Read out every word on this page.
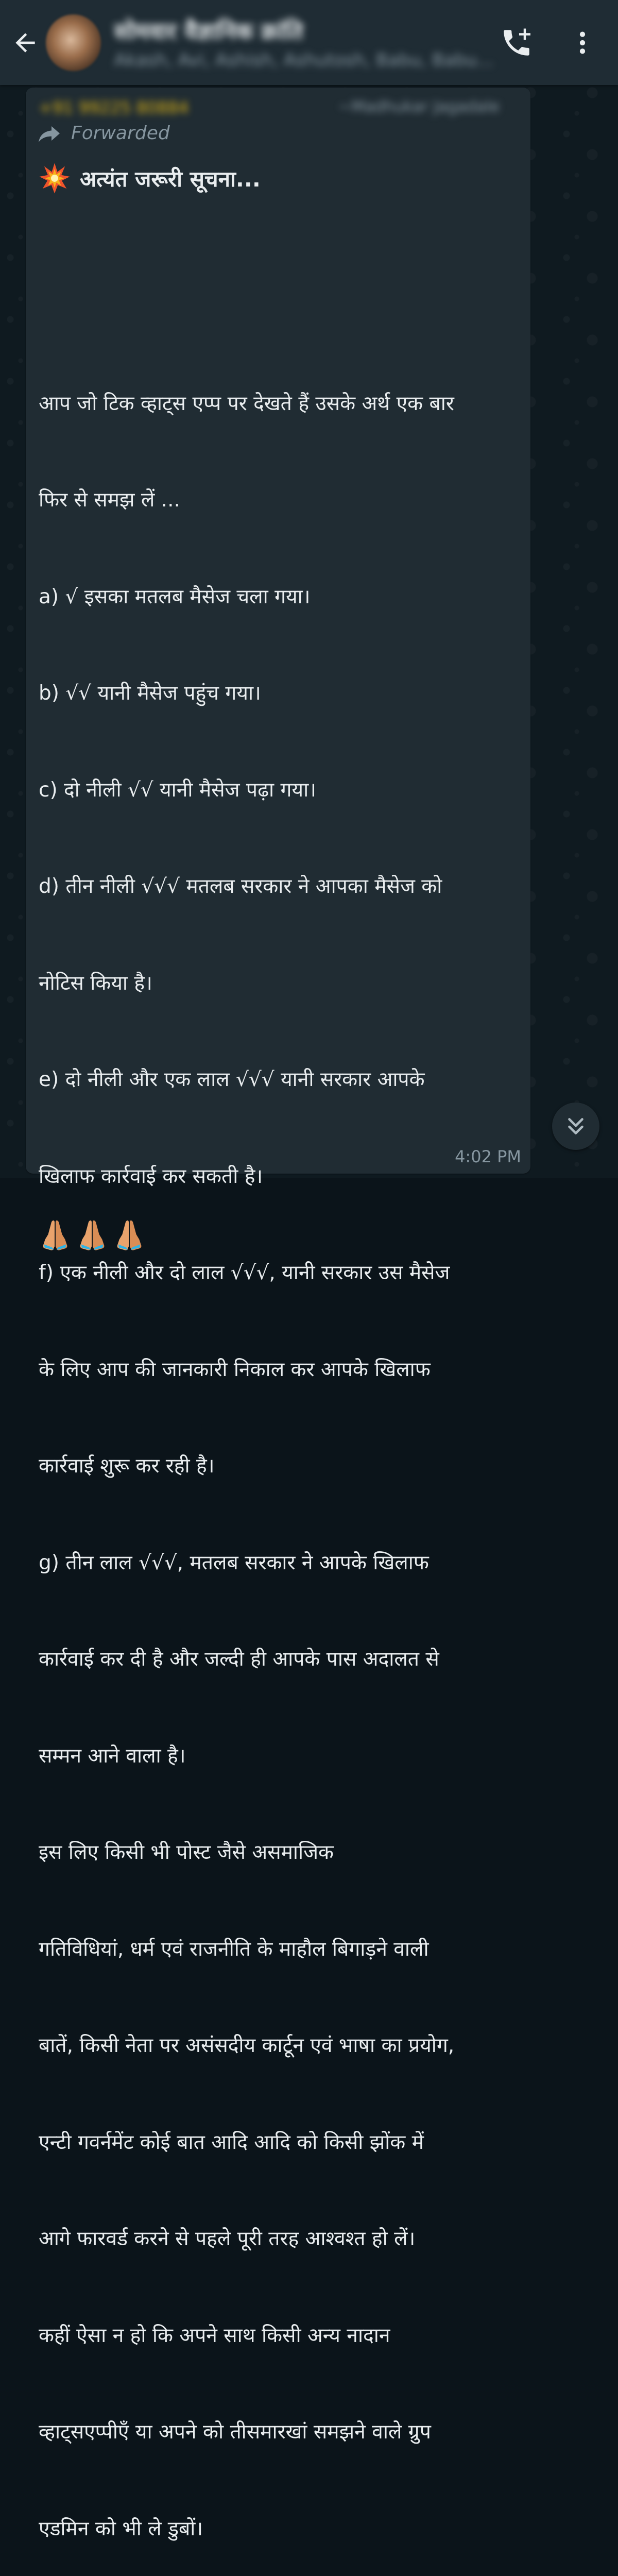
सोमवार वैज्ञानिक क्रांति
Akash, Avi, Ashish, Ashutosh, Babu, Babu...
+91 99225 80884	~Madhukar Jagadale
Forwarded
अत्यंत जरूरी सूचना...

आप जो टिक व्हाट्स एप्प पर देखते हैं उसके अर्थ एक बार

फिर से समझ लें ...

a) √ इसका मतलब मैसेज चला गया।

b) √√ यानी मैसेज पहुंच गया।

c) दो नीली √√ यानी मैसेज पढ़ा गया।

d) तीन नीली √√√ मतलब सरकार ने आपका मैसेज को

नोटिस किया है।

e) दो नीली और एक लाल √√√ यानी सरकार आपके

खिलाफ कार्रवाई कर सकती है।

f) एक नीली और दो लाल √√√, यानी सरकार उस मैसेज

के लिए आप की जानकारी निकाल कर आपके खिलाफ

कार्रवाई शुरू कर रही है।

g) तीन लाल √√√, मतलब सरकार ने आपके खिलाफ

कार्रवाई कर दी है और जल्दी ही आपके पास अदालत से

सम्मन आने वाला है।

इस लिए किसी भी पोस्ट जैसे असमाजिक

गतिविधियां, धर्म एवं राजनीति के माहौल बिगाड़ने वाली

बातें, किसी नेता पर असंसदीय कार्टून एवं भाषा का प्रयोग,

एन्टी गवर्नमेंट कोई बात आदि आदि को किसी झोंक में

आगे फारवर्ड करने से पहले पूरी तरह आश्वश्त हो लें।

कहीं ऐसा न हो कि अपने साथ किसी अन्य नादान

व्हाट्सएप्पीएँ या अपने को तीसमारखां समझने वाले ग्रुप

एडमिन को भी ले डुबों।

4:02 PM
